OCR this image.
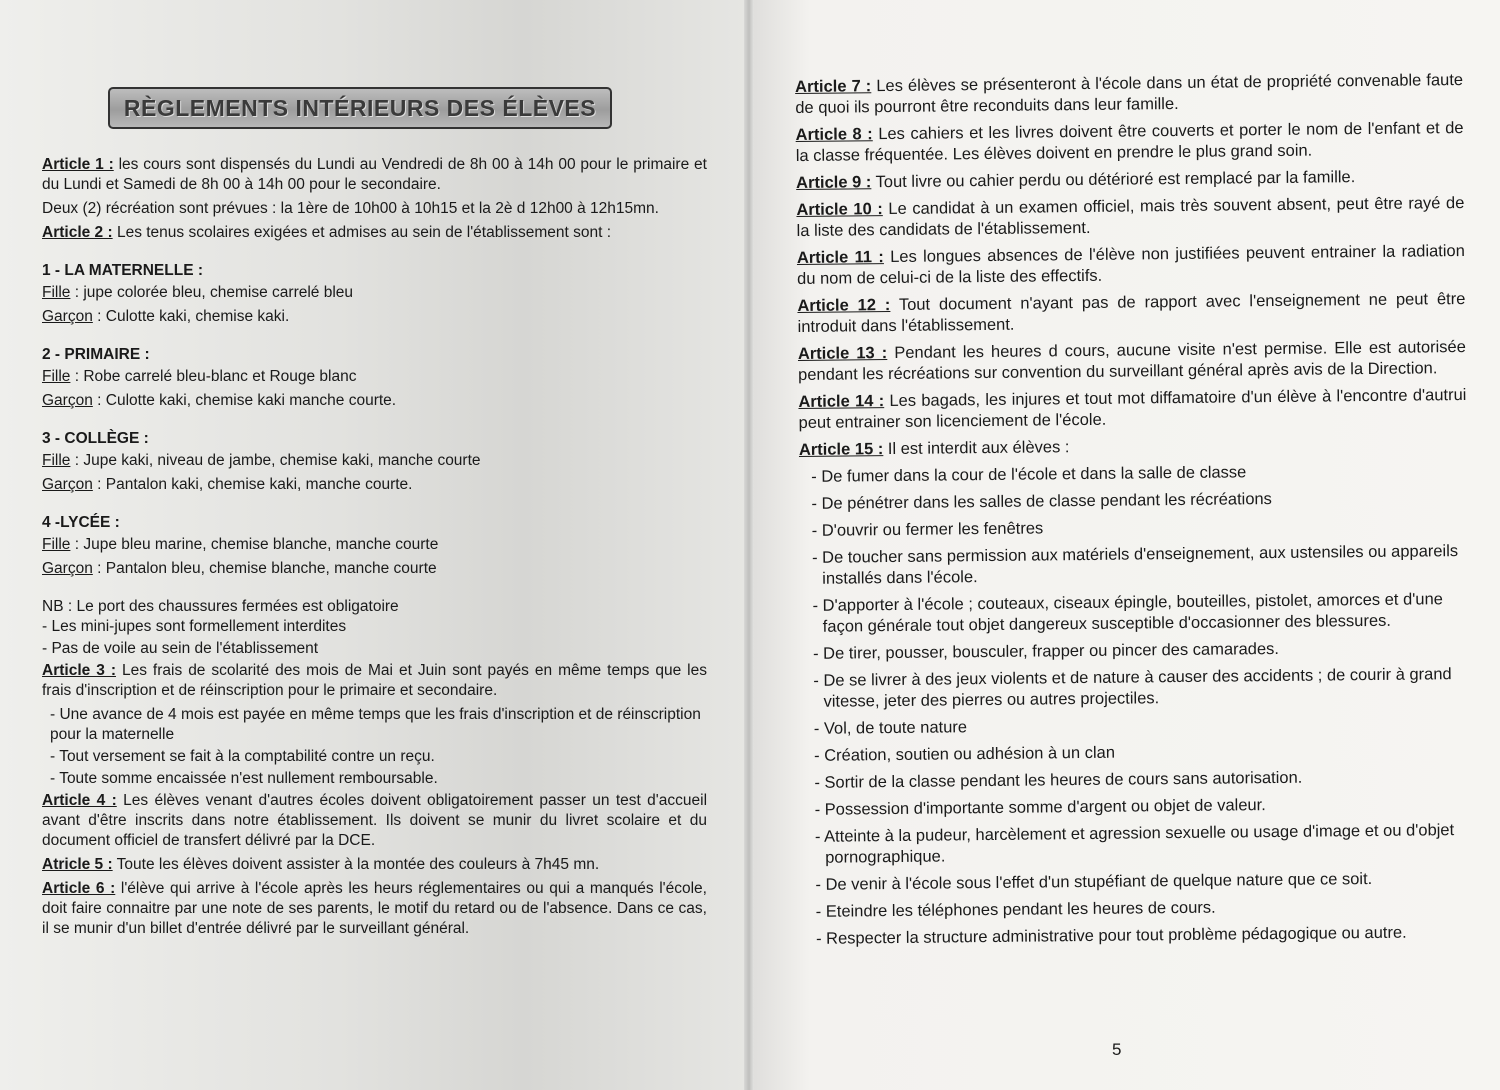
RÈGLEMENTS INTÉRIEURS DES ÉLÈVES

Article 1 : les cours sont dispensés du Lundi au Vendredi de 8h 00 à 14h 00 pour le primaire et du Lundi et Samedi de 8h 00 à 14h 00 pour le secondaire.

Deux (2) récréation sont prévues : la 1ère de 10h00 à 10h15 et la 2è d 12h00 à 12h15mn.

Article 2 : Les tenus scolaires exigées et admises au sein de l'établissement sont :

1 - LA MATERNELLE :
Fille : jupe colorée bleu, chemise carrelé bleu
Garçon : Culotte kaki, chemise kaki.
2 - PRIMAIRE :
Fille : Robe carrelé bleu-blanc et Rouge blanc
Garçon : Culotte kaki, chemise kaki manche courte.
3 - COLLÈGE :
Fille : Jupe kaki, niveau de jambe, chemise kaki, manche courte
Garçon : Pantalon kaki, chemise kaki, manche courte.
4 -LYCÉE :
Fille : Jupe bleu marine, chemise blanche, manche courte
Garçon : Pantalon bleu, chemise blanche, manche courte
NB : Le port des chaussures fermées est obligatoire
- Les mini-jupes sont formellement interdites
- Pas de voile au sein de l'établissement

Article 3 : Les frais de scolarité des mois de Mai et Juin sont payés en même temps que les frais d'inscription et de réinscription pour le primaire et secondaire.

- Une avance de 4 mois est payée en même temps que les frais d'inscription et de réinscription pour la maternelle
- Tout versement se fait à la comptabilité contre un reçu.
- Toute somme encaissée n'est nullement remboursable.

Article 4 : Les élèves venant d'autres écoles doivent obligatoirement passer un test d'accueil avant d'être inscrits dans notre établissement. Ils doivent se munir du livret scolaire et du document officiel de transfert délivré par la DCE.

Atricle 5 : Toute les élèves doivent assister à la montée des couleurs à 7h45 mn.

Article 6 : l'élève qui arrive à l'école après les heurs réglementaires ou qui a manqués l'école, doit faire connaitre par une note de ses parents, le motif du retard ou de l'absence. Dans ce cas, il se munir d'un billet d'entrée délivré par le surveillant général.

Article 7 : Les élèves se présenteront à l'école dans un état de propriété convenable faute de quoi ils pourront être reconduits dans leur famille.

Article 8 : Les cahiers et les livres doivent être couverts et porter le nom de l'enfant et de la classe fréquentée. Les élèves doivent en prendre le plus grand soin.

Article 9 : Tout livre ou cahier perdu ou détérioré est remplacé par la famille.

Article 10 : Le candidat à un examen officiel, mais très souvent absent, peut être rayé de la liste des candidats de l'établissement.

Article 11 : Les longues absences de l'élève non justifiées peuvent entrainer la radiation du nom de celui-ci de la liste des effectifs.

Article 12 : Tout document n'ayant pas de rapport avec l'enseignement ne peut être introduit dans l'établissement.

Article 13 : Pendant les heures d cours, aucune visite n'est permise. Elle est autorisée pendant les récréations sur convention du surveillant général après avis de la Direction.

Article 14 : Les bagads, les injures et tout mot diffamatoire d'un élève à l'encontre d'autrui peut entrainer son licenciement de l'école.

Article 15 : Il est interdit aux élèves :

- De fumer dans la cour de l'école et dans la salle de classe
- De pénétrer dans les salles de classe pendant les récréations
- D'ouvrir ou fermer les fenêtres
- De toucher sans permission aux matériels d'enseignement, aux ustensiles ou appareils installés dans l'école.
- D'apporter à l'école ; couteaux, ciseaux épingle, bouteilles, pistolet, amorces et d'une façon générale tout objet dangereux susceptible d'occasionner des blessures.
- De tirer, pousser, bousculer, frapper ou pincer des camarades.
- De se livrer à des jeux violents et de nature à causer des accidents ; de courir à grand vitesse, jeter des pierres ou autres projectiles.
- Vol, de toute nature
- Création, soutien ou adhésion à un clan
- Sortir de la classe pendant les heures de cours sans autorisation.
- Possession d'importante somme d'argent ou objet de valeur.
- Atteinte à la pudeur, harcèlement et agression sexuelle ou usage d'image et ou d'objet pornographique.
- De venir à l'école sous l'effet d'un stupéfiant de quelque nature que ce soit.
- Eteindre les téléphones pendant les heures de cours.
- Respecter la structure administrative pour tout problème pédagogique ou autre.
5
